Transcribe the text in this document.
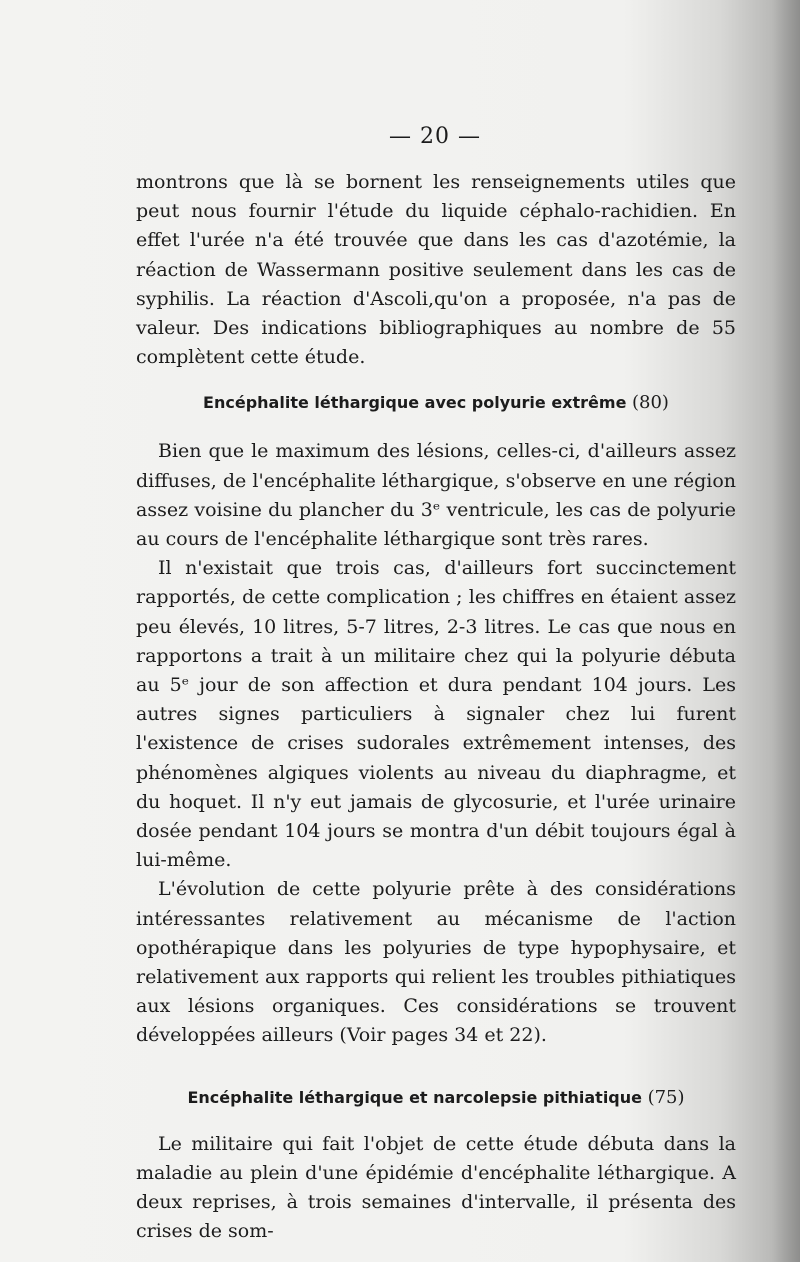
— 20 —

montrons que là se bornent les renseignements utiles que peut nous fournir l'étude du liquide céphalo-rachidien. En effet l'urée n'a été trouvée que dans les cas d'azotémie, la réaction de Wassermann positive seulement dans les cas de syphilis. La réaction d'Ascoli,qu'on a proposée, n'a pas de valeur. Des indications bibliographiques au nombre de 55 complètent cette étude.

Encéphalite léthargique avec polyurie extrême (80)

Bien que le maximum des lésions, celles-ci, d'ailleurs assez diffuses, de l'encéphalite léthargique, s'observe en une région assez voisine du plancher du 3ᵉ ventricule, les cas de polyurie au cours de l'encéphalite léthargique sont très rares.

Il n'existait que trois cas, d'ailleurs fort succinctement rapportés, de cette complication ; les chiffres en étaient assez peu élevés, 10 litres, 5-7 litres, 2-3 litres. Le cas que nous en rapportons a trait à un militaire chez qui la polyurie débuta au 5ᵉ jour de son affection et dura pendant 104 jours. Les autres signes particuliers à signaler chez lui furent l'existence de crises sudorales extrêmement intenses, des phénomènes algiques violents au niveau du diaphragme, et du hoquet. Il n'y eut jamais de glycosurie, et l'urée urinaire dosée pendant 104 jours se montra d'un débit toujours égal à lui-même.

L'évolution de cette polyurie prête à des considérations intéressantes relativement au mécanisme de l'action opothérapique dans les polyuries de type hypophysaire, et relativement aux rapports qui relient les troubles pithiatiques aux lésions organiques. Ces considérations se trouvent développées ailleurs (Voir pages 34 et 22).

Encéphalite léthargique et narcolepsie pithiatique (75)

Le militaire qui fait l'objet de cette étude débuta dans la maladie au plein d'une épidémie d'encéphalite léthargique. A deux reprises, à trois semaines d'intervalle, il présenta des crises de som-
